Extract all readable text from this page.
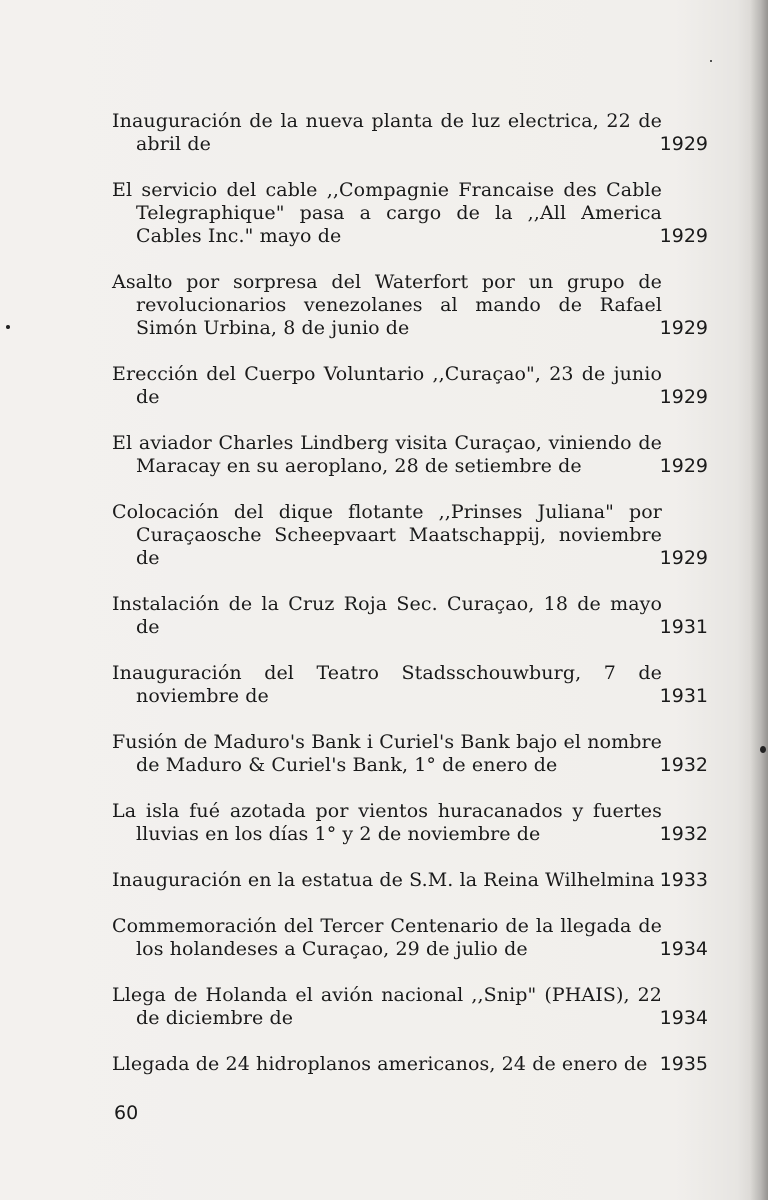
Inauguración de la nueva planta de luz electrica, 22 de abril de	1929
El servicio del cable ,,Compagnie Francaise des Cable Telegraphique" pasa a cargo de la ,,All America Cables Inc." mayo de	1929
Asalto por sorpresa del Waterfort por un grupo de revolucionarios venezolanes al mando de Rafael Simón Urbina, 8 de junio de	1929
Erección del Cuerpo Voluntario ,,Curaçao", 23 de junio de	1929
El aviador Charles Lindberg visita Curaçao, viniendo de Maracay en su aeroplano, 28 de setiembre de	1929
Colocación del dique flotante ,,Prinses Juliana" por Curaçaosche Scheepvaart Maatschappij, noviembre de	1929
Instalación de la Cruz Roja Sec. Curaçao, 18 de mayo de	1931
Inauguración del Teatro Stadsschouwburg, 7 de noviembre de	1931
Fusión de Maduro's Bank i Curiel's Bank bajo el nombre de Maduro & Curiel's Bank, 1° de enero de	1932
La isla fué azotada por vientos huracanados y fuertes lluvias en los días 1° y 2 de noviembre de	1932
Inauguración en la estatua de S.M. la Reina Wilhelmina 1933
Commemoración del Tercer Centenario de la llegada de los holandeses a Curaçao, 29 de julio de	1934
Llega de Holanda el avión nacional ,,Snip" (PHAIS), 22 de diciembre de	1934
Llegada de 24 hidroplanos americanos, 24 de enero de 1935
60
